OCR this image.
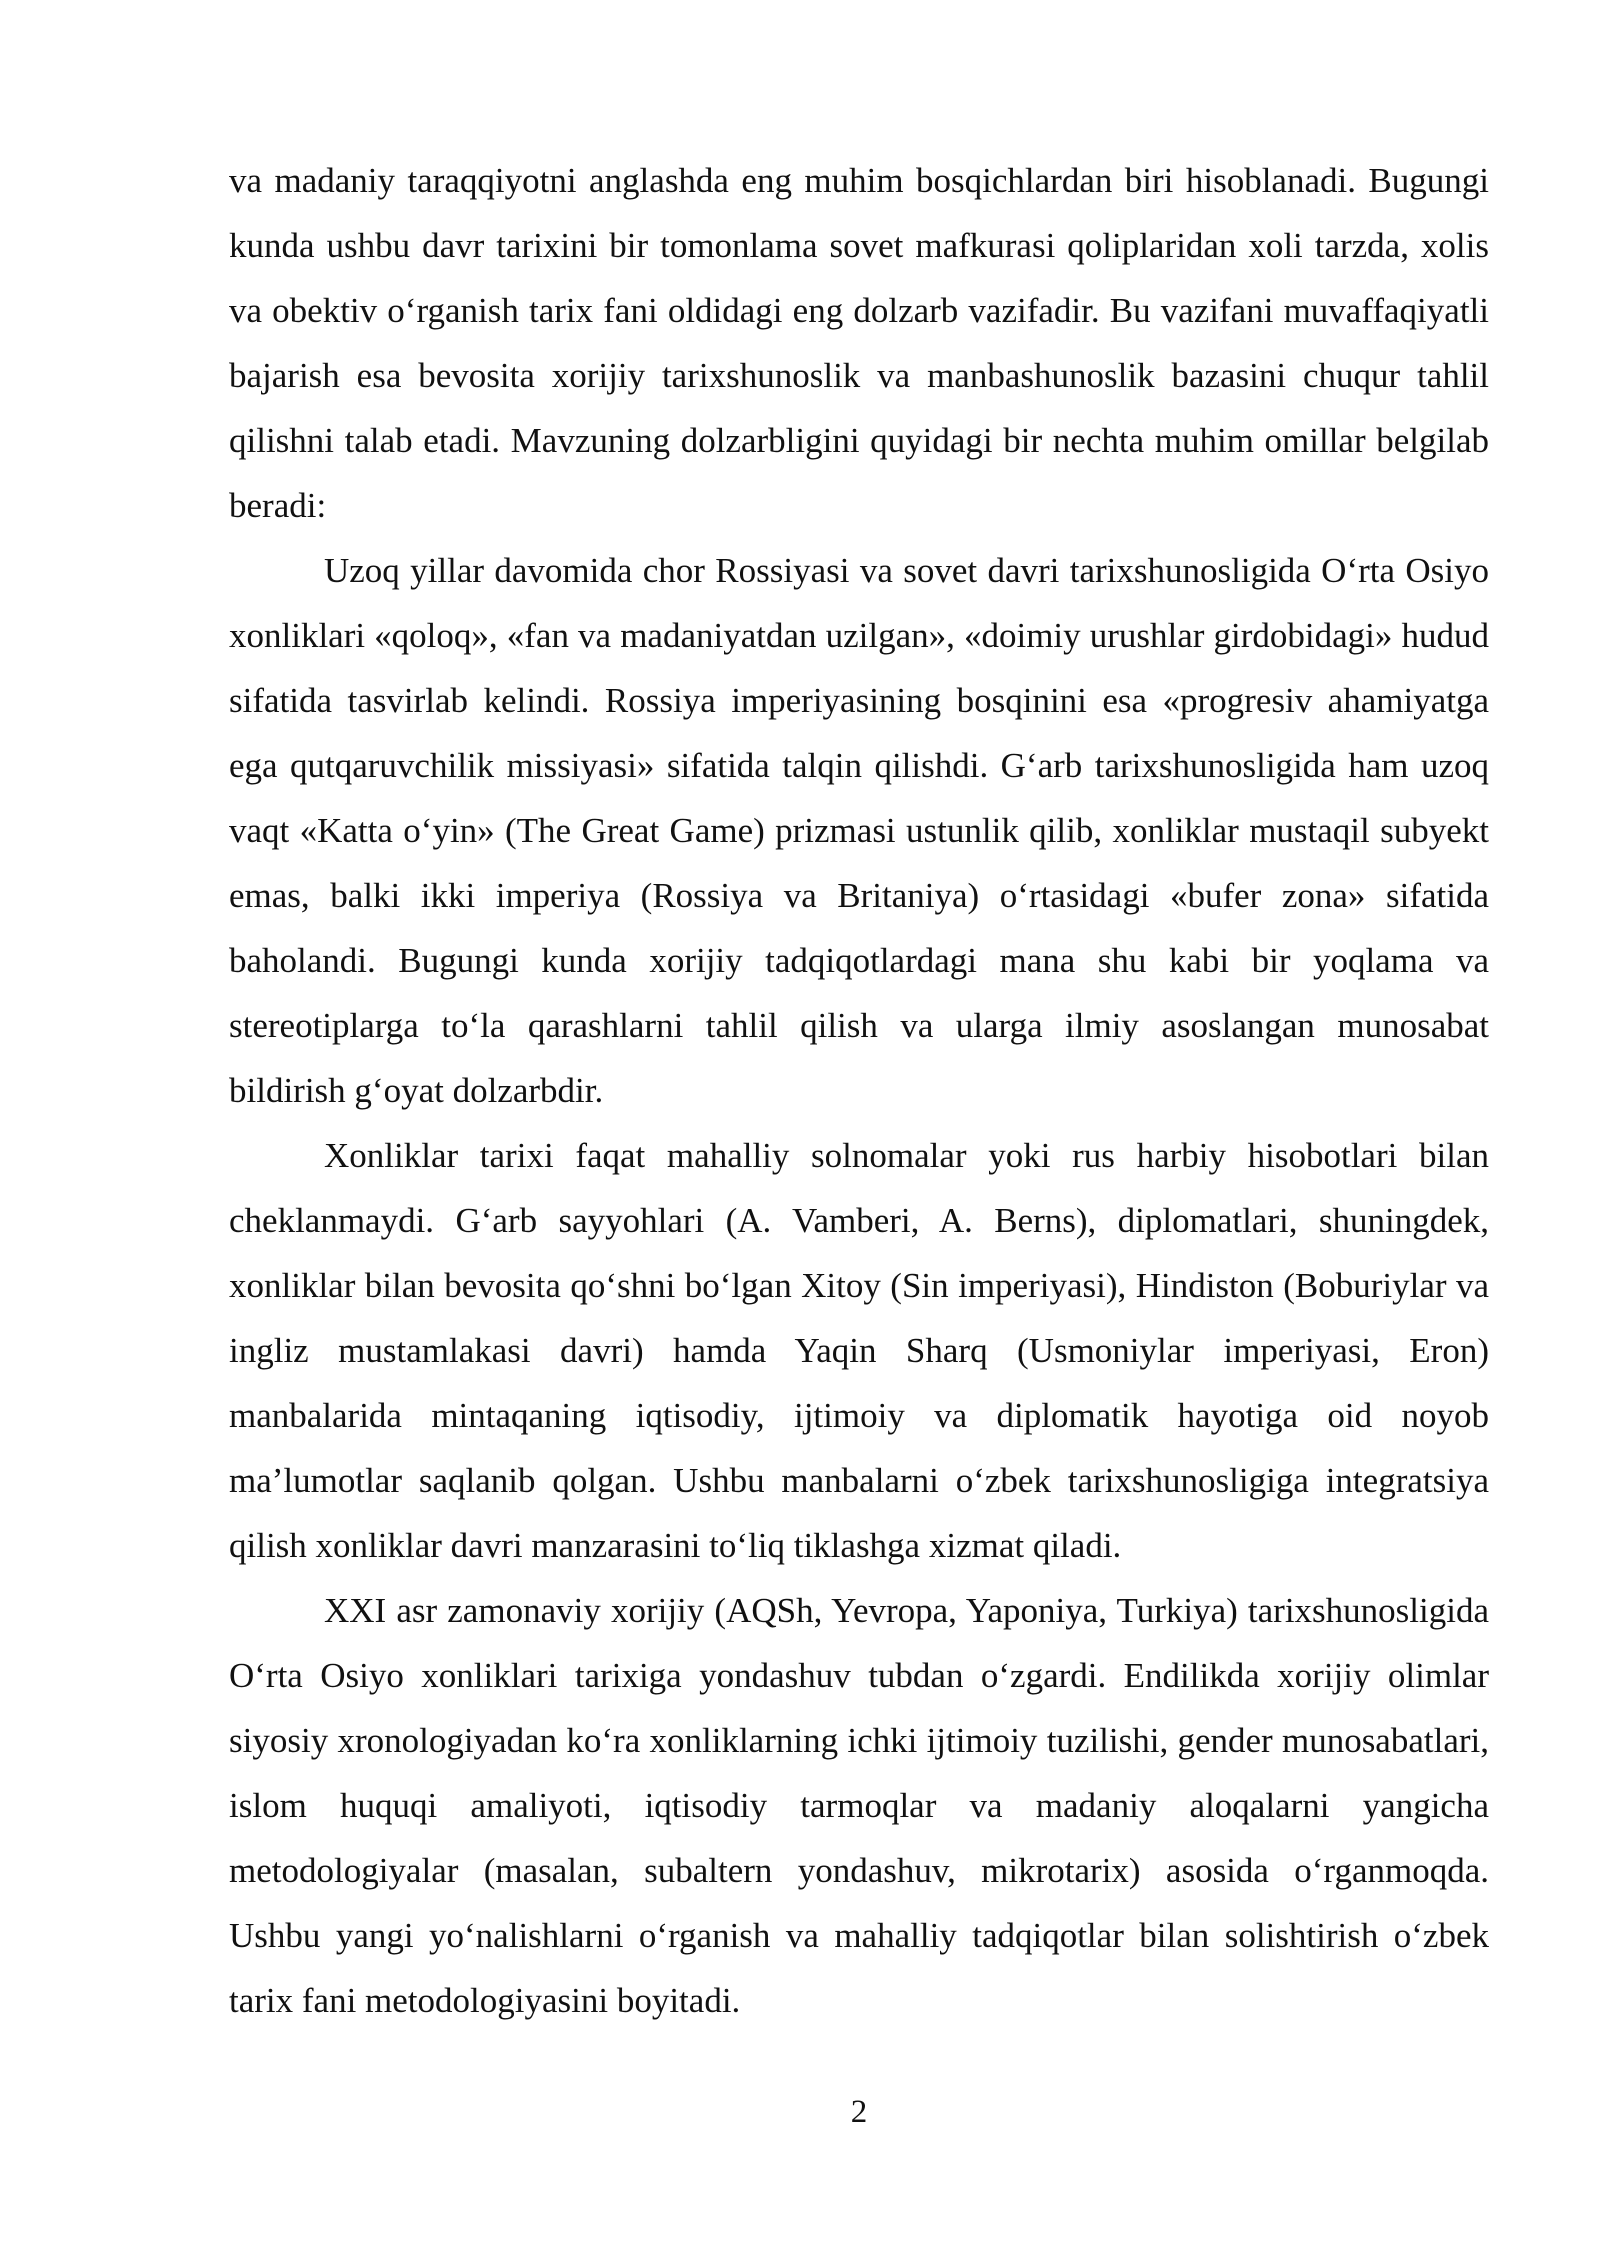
va madaniy taraqqiyotni anglashda eng muhim bosqichlardan biri hisoblanadi. Bugungi kunda ushbu davr tarixini bir tomonlama sovet mafkurasi qoliplaridan xoli tarzda, xolis va obektiv o‘rganish tarix fani oldidagi eng dolzarb vazifadir. Bu vazifani muvaffaqiyatli bajarish esa bevosita xorijiy tarixshunoslik va manbashunoslik bazasini chuqur tahlil qilishni talab etadi. Mavzuning dolzarbligini quyidagi bir nechta muhim omillar belgilab beradi:

Uzoq yillar davomida chor Rossiyasi va sovet davri tarixshunosligida O‘rta Osiyo xonliklari «qoloq», «fan va madaniyatdan uzilgan», «doimiy urushlar girdobidagi» hudud sifatida tasvirlab kelindi. Rossiya imperiyasining bosqinini esa «progresiv ahamiyatga ega qutqaruvchilik missiyasi» sifatida talqin qilishdi. G‘arb tarixshunosligida ham uzoq vaqt «Katta o‘yin» (The Great Game) prizmasi ustunlik qilib, xonliklar mustaqil subyekt emas, balki ikki imperiya (Rossiya va Britaniya) o‘rtasidagi «bufer zona» sifatida baholandi. Bugungi kunda xorijiy tadqiqotlardagi mana shu kabi bir yoqlama va stereotiplarga to‘la qarashlarni tahlil qilish va ularga ilmiy asoslangan munosabat bildirish g‘oyat dolzarbdir.

Xonliklar tarixi faqat mahalliy solnomalar yoki rus harbiy hisobotlari bilan cheklanmaydi. G‘arb sayyohlari (A. Vamberi, A. Berns), diplomatlari, shuningdek, xonliklar bilan bevosita qo‘shni bo‘lgan Xitoy (Sin imperiyasi), Hindiston (Boburiylar va ingliz mustamlakasi davri) hamda Yaqin Sharq (Usmoniylar imperiyasi, Eron) manbalarida mintaqaning iqtisodiy, ijtimoiy va diplomatik hayotiga oid noyob ma’lumotlar saqlanib qolgan. Ushbu manbalarni o‘zbek tarixshunosligiga integratsiya qilish xonliklar davri manzarasini to‘liq tiklashga xizmat qiladi.

XXI asr zamonaviy xorijiy (AQSh, Yevropa, Yaponiya, Turkiya) tarixshunosligida O‘rta Osiyo xonliklari tarixiga yondashuv tubdan o‘zgardi. Endilikda xorijiy olimlar siyosiy xronologiyadan ko‘ra xonliklarning ichki ijtimoiy tuzilishi, gender munosabatlari, islom huquqi amaliyoti, iqtisodiy tarmoqlar va madaniy aloqalarni yangicha metodologiyalar (masalan, subaltern yondashuv, mikrotarix) asosida o‘rganmoqda. Ushbu yangi yo‘nalishlarni o‘rganish va mahalliy tadqiqotlar bilan solishtirish o‘zbek tarix fani metodologiyasini boyitadi.

2
